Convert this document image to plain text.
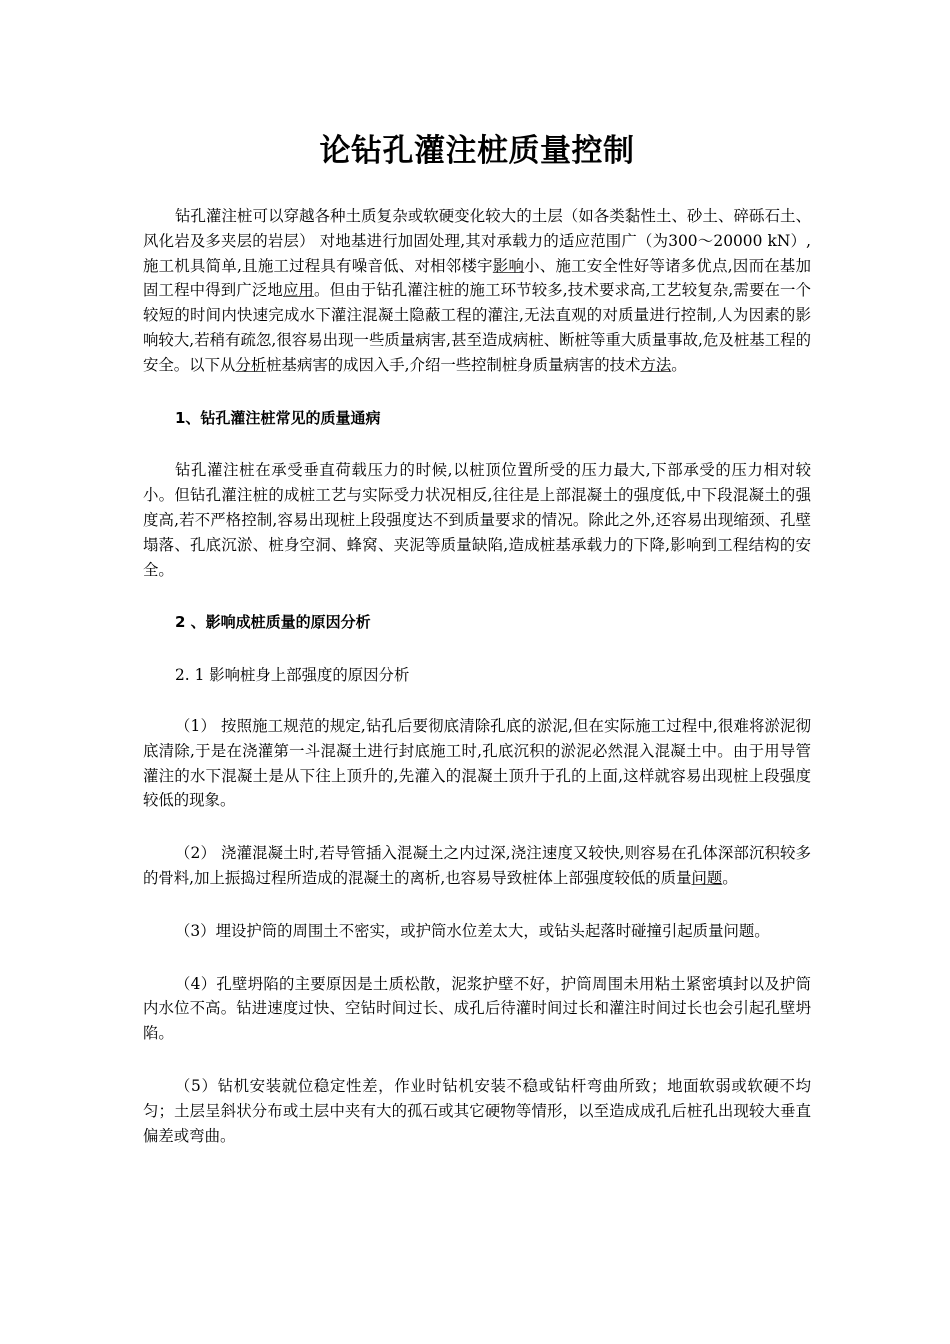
论钻孔灌注桩质量控制

钻孔灌注桩可以穿越各种土质复杂或软硬变化较大的土层（如各类黏性土、砂土、碎砾石土、风化岩及多夹层的岩层） 对地基进行加固处理,其对承载力的适应范围广（为300～20000 kN）,施工机具简单,且施工过程具有噪音低、对相邻楼宇影响小、施工安全性好等诸多优点,因而在基加固工程中得到广泛地应用。但由于钻孔灌注桩的施工环节较多,技术要求高,工艺较复杂,需要在一个较短的时间内快速完成水下灌注混凝土隐蔽工程的灌注,无法直观的对质量进行控制,人为因素的影响较大,若稍有疏忽,很容易出现一些质量病害,甚至造成病桩、断桩等重大质量事故,危及桩基工程的安全。以下从分析桩基病害的成因入手,介绍一些控制桩身质量病害的技术方法。

1、钻孔灌注桩常见的质量通病

钻孔灌注桩在承受垂直荷载压力的时候,以桩顶位置所受的压力最大,下部承受的压力相对较小。但钻孔灌注桩的成桩工艺与实际受力状况相反,往往是上部混凝土的强度低,中下段混凝土的强度高,若不严格控制,容易出现桩上段强度达不到质量要求的情况。除此之外,还容易出现缩颈、孔壁塌落、孔底沉淤、桩身空洞、蜂窝、夹泥等质量缺陷,造成桩基承载力的下降,影响到工程结构的安全。

2 、影响成桩质量的原因分析
2. 1 影响桩身上部强度的原因分析

（1） 按照施工规范的规定,钻孔后要彻底清除孔底的淤泥,但在实际施工过程中,很难将淤泥彻底清除,于是在浇灌第一斗混凝土进行封底施工时,孔底沉积的淤泥必然混入混凝土中。由于用导管灌注的水下混凝土是从下往上顶升的,先灌入的混凝土顶升于孔的上面,这样就容易出现桩上段强度较低的现象。

（2） 浇灌混凝土时,若导管插入混凝土之内过深,浇注速度又较快,则容易在孔体深部沉积较多的骨料,加上振捣过程所造成的混凝土的离析,也容易导致桩体上部强度较低的质量问题。

（3）埋设护筒的周围土不密实，或护筒水位差太大，或钻头起落时碰撞引起质量问题。

（4）孔壁坍陷的主要原因是土质松散，泥浆护壁不好，护筒周围未用粘土紧密填封以及护筒内水位不高。钻进速度过快、空钻时间过长、成孔后待灌时间过长和灌注时间过长也会引起孔壁坍陷。

（5）钻机安装就位稳定性差，作业时钻机安装不稳或钻杆弯曲所致；地面软弱或软硬不均匀；土层呈斜状分布或土层中夹有大的孤石或其它硬物等情形，以至造成成孔后桩孔出现较大垂直偏差或弯曲。
